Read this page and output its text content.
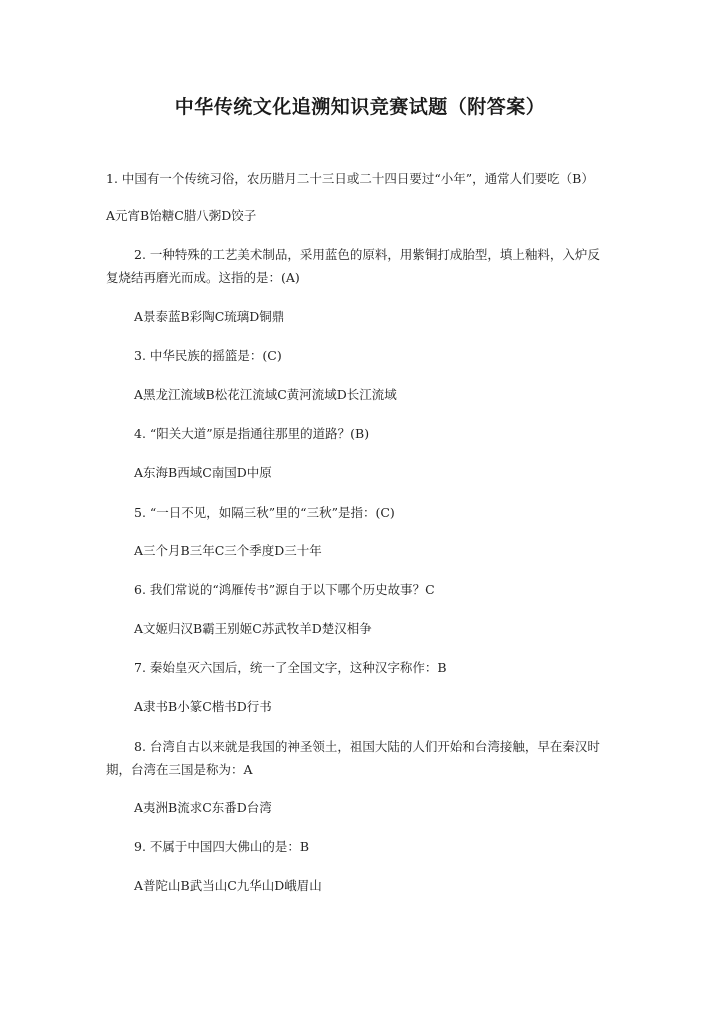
中华传统文化追溯知识竞赛试题（附答案）
1. 中国有一个传统习俗，农历腊月二十三日或二十四日要过“小年”，通常人们要吃（B）
A元宵B饴糖C腊八粥D饺子
2. 一种特殊的工艺美术制品，采用蓝色的原料，用紫铜打成胎型，填上釉料，入炉反
复烧结再磨光而成。这指的是：(A)
A景泰蓝B彩陶C琉璃D铜鼎
3. 中华民族的摇篮是：(C)
A黑龙江流域B松花江流域C黄河流域D长江流域
4. “阳关大道”原是指通往那里的道路？(B)
A东海B西域C南国D中原
5. “一日不见，如隔三秋”里的“三秋”是指：(C)
A三个月B三年C三个季度D三十年
6. 我们常说的“鸿雁传书”源自于以下哪个历史故事？C
A文姬归汉B霸王别姬C苏武牧羊D楚汉相争
7. 秦始皇灭六国后，统一了全国文字，这种汉字称作：B
A隶书B小篆C楷书D行书
8. 台湾自古以来就是我国的神圣领土，祖国大陆的人们开始和台湾接触，早在秦汉时
期，台湾在三国是称为：A
A夷洲B流求C东番D台湾
9. 不属于中国四大佛山的是：B
A普陀山B武当山C九华山D峨眉山
